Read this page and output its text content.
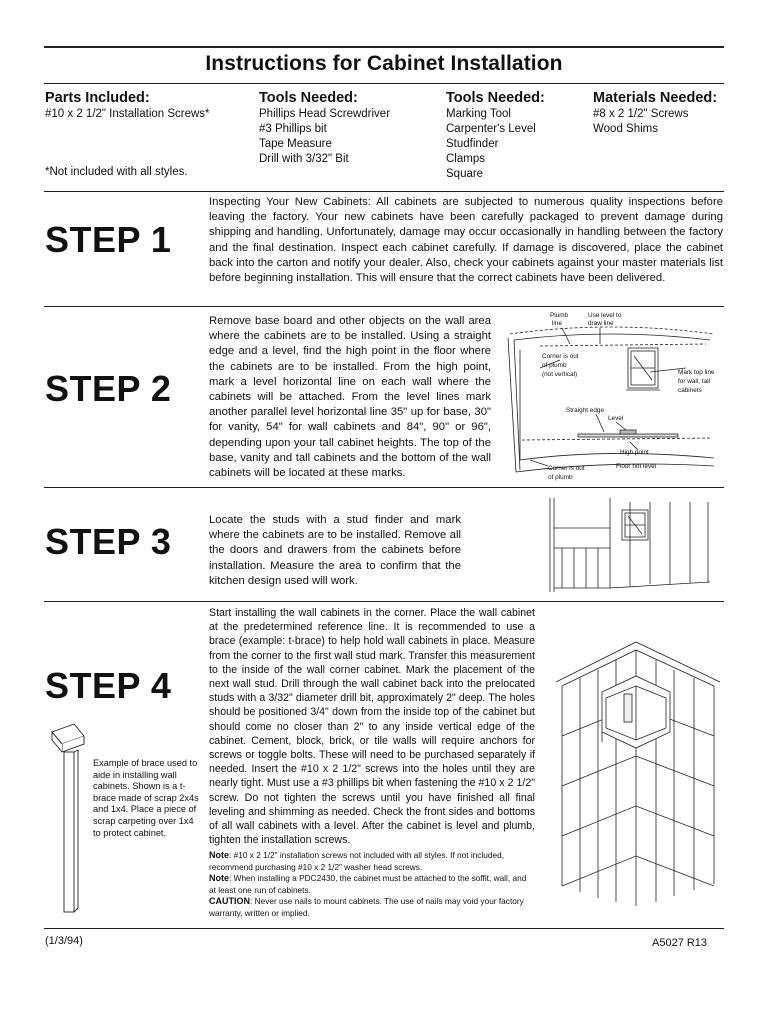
Instructions for Cabinet Installation
Parts Included:
#10 x 2 1/2" Installation Screws*
Tools Needed:
Phillips Head Screwdriver
#3 Phillips bit
Tape Measure
Drill with 3/32" Bit
Tools Needed:
Marking Tool
Carpenter's Level
Studfinder
Clamps
Square
Materials Needed:
#8 x 2 1/2" Screws
Wood Shims
*Not included with all styles.
STEP 1
Inspecting Your New Cabinets: All cabinets are subjected to numerous quality inspections before leaving the factory. Your new cabinets have been carefully packaged to prevent damage during shipping and handling. Unfortunately, damage may occur occasionally in handling between the factory and the final destination. Inspect each cabinet carefully. If damage is discovered, place the cabinet back into the carton and notify your dealer. Also, check your cabinets against your master materials list before beginning installation. This will ensure that the correct cabinets have been delivered.
STEP 2
Remove base board and other objects on the wall area where the cabinets are to be installed. Using a straight edge and a level, find the high point in the floor where the cabinets are to be installed. From the high point, mark a level horizontal line on each wall where the cabinets will be attached. From the level lines mark another parallel level horizontal line 35" up for base, 30" for vanity, 54" for wall cabinets and 84", 90" or 96", depending upon your tall cabinet heights. The top of the base, vanity and tall cabinets and the bottom of the wall cabinets will be located at these marks.
Plumb
line
Use level to
draw line
Corner is out
of plumb
(not vertical)	Mark top line
for wall, tall
cabinets
Straight edge
Level
High point
Corner is out
of plumb
Floor not level
STEP 3
Locate the studs with a stud finder and mark where the cabinets are to be installed. Remove all the doors and drawers from the cabinets before installation. Measure the area to confirm that the kitchen design used will work.
STEP 4
Start installing the wall cabinets in the corner. Place the wall cabinet at the predetermined reference line. It is recommended to use a brace (example: t-brace) to help hold wall cabinets in place. Measure from the corner to the first wall stud mark. Transfer this measurement to the inside of the wall corner cabinet. Mark the placement of the next wall stud. Drill through the wall cabinet back into the prelocated studs with a 3/32" diameter drill bit, approximately 2" deep. The holes should be positioned 3/4" down from the inside top of the cabinet but should come no closer than 2" to any inside vertical edge of the cabinet. Cement, block, brick, or tile walls will require anchors for screws or toggle bolts. These will need to be purchased separately if needed. Insert the #10 x 2 1/2" screws into the holes until they are nearly tight. Must use a #3 phillips bit when fastening the #10 x 2 1/2" screw. Do not tighten the screws until you have finished all final leveling and shimming as needed. Check the front sides and bottoms of all wall cabinets with a level. After the cabinet is level and plumb, tighten the installation screws.
Note: #10 x 2 1/2" installation screws not included with all styles. If not included, recommend purchasing #10 x 2 1/2" washer head screws.
Note: When installing a PDC2430, the cabinet must be attached to the soffit, wall, and at least one run of cabinets.
CAUTION: Never use nails to mount cabinets. The use of nails may void your factory warranty, written or implied.
Example of brace used to aide in installing wall cabinets. Shown is a t-brace made of scrap 2x4s and 1x4. Place a piece of scrap carpeting over 1x4 to protect cabinet.
(1/3/94)	A5027 R13
